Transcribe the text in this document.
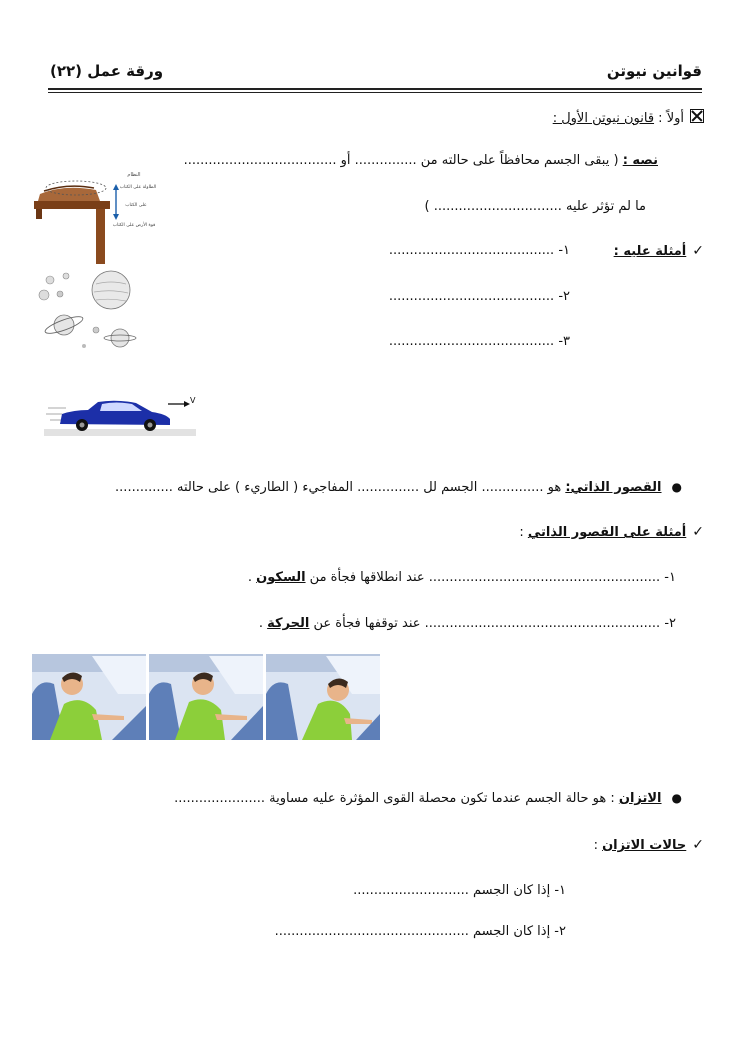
قوانين نيوتن
ورقة عمل (٢٢)
أولاً : قانون نيوتن الأول :
نصه : ( يبقى الجسم محافظاً على حالته من ............... أو .....................................
ما لم تؤثر عليه ............................... )
✓أمثلة عليه :
١- ........................................
٢- ........................................
٣- ........................................
النظام
الطاولة على الكتاب
على الكتاب
قوة الأرض على الكتاب
V
●القصور الذاتي: هو ............... الجسم لل ............... المفاجيء ( الطاريء ) على حالته ..............
✓أمثلة على القصور الذاتي :
١- ........................................................ عند انطلاقها فجأة من السكون .
٢- ......................................................... عند توقفها فجأة عن الحركة .
●الاتزان : هو حالة الجسم عندما تكون محصلة القوى المؤثرة عليه مساوية ......................
✓حالات الاتزان :
١- إذا كان الجسم ............................
٢- إذا كان الجسم ...............................................
